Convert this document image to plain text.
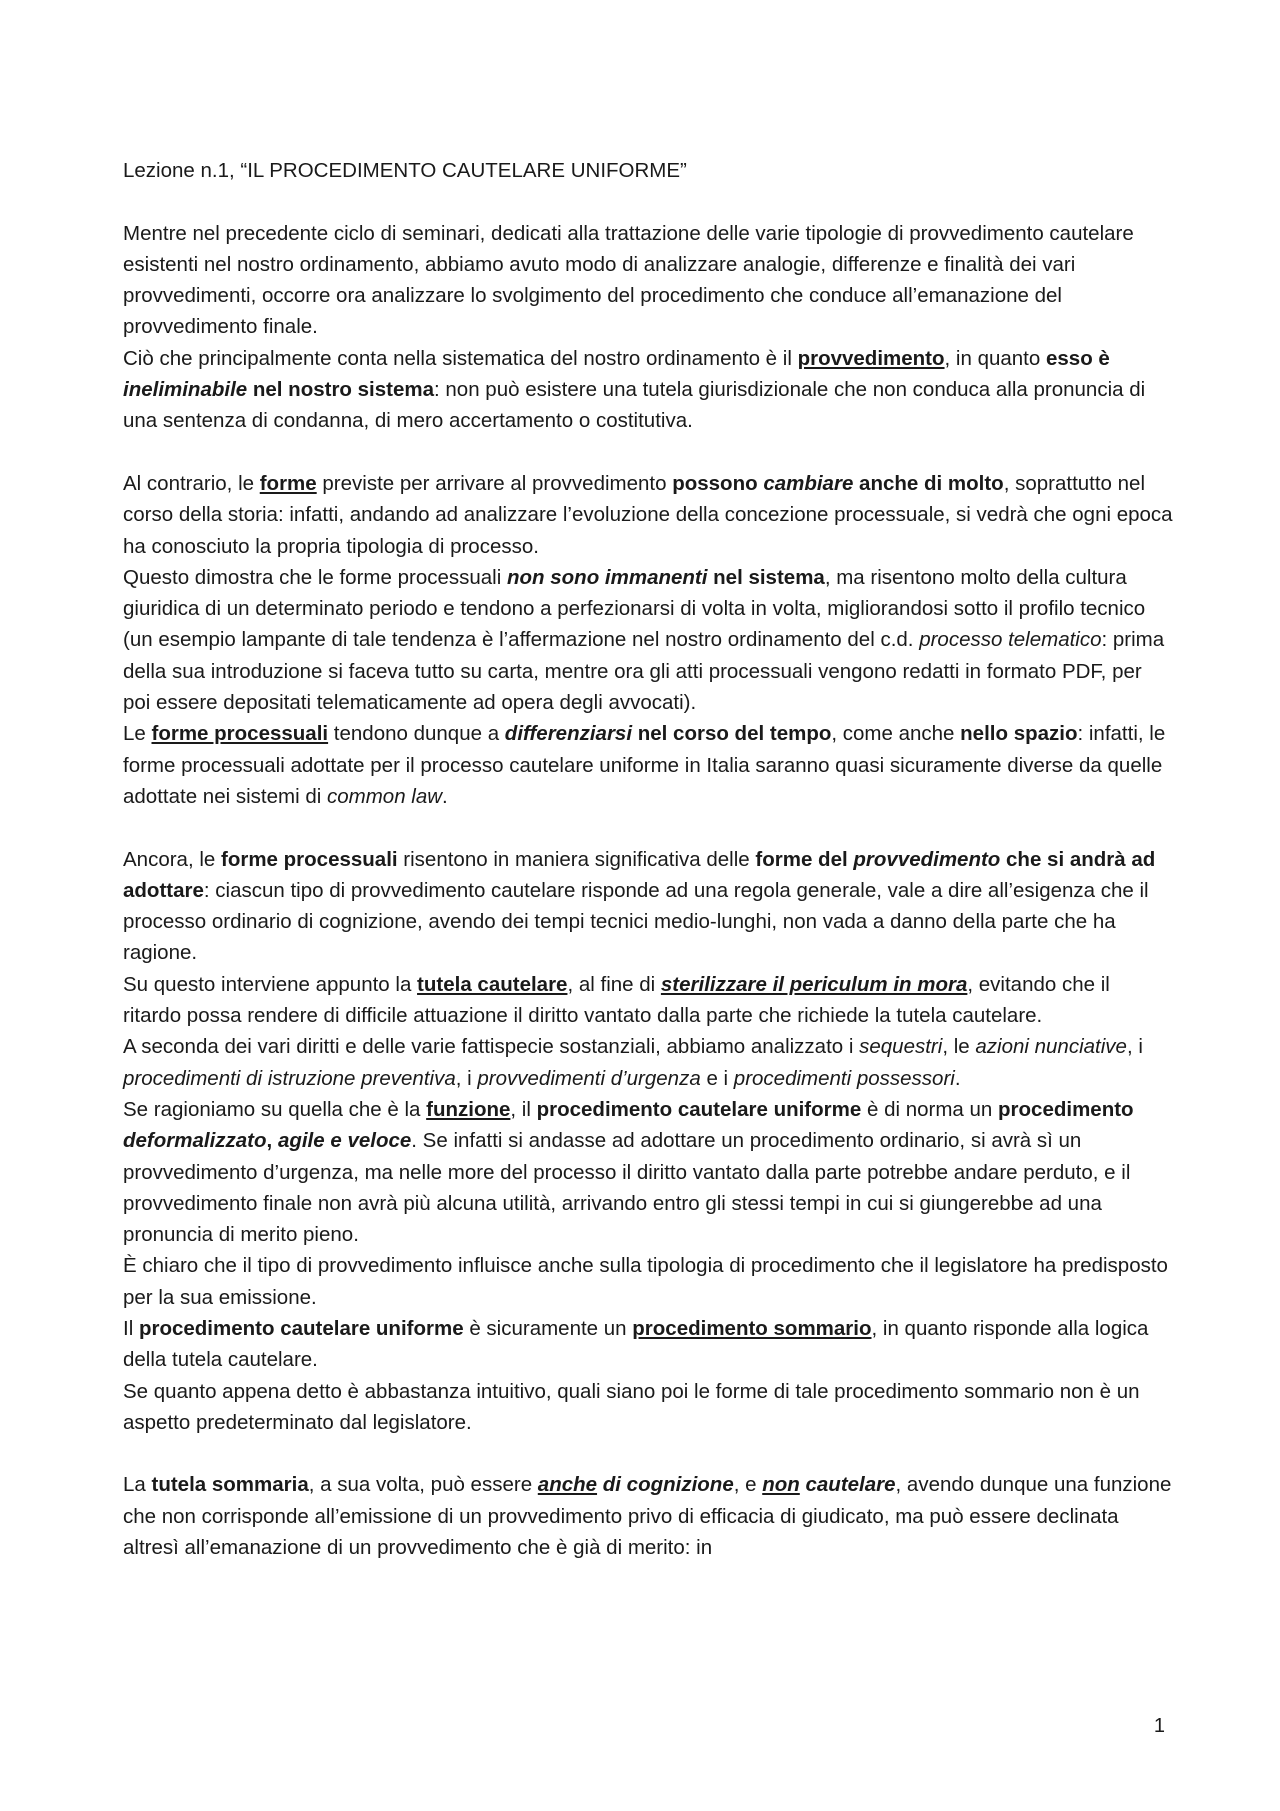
Lezione n.1, “IL PROCEDIMENTO CAUTELARE UNIFORME”

Mentre nel precedente ciclo di seminari, dedicati alla trattazione delle varie tipologie di provvedimento cautelare esistenti nel nostro ordinamento, abbiamo avuto modo di analizzare analogie, differenze e finalità dei vari provvedimenti, occorre ora analizzare lo svolgimento del procedimento che conduce all’emanazione del provvedimento finale.

Ciò che principalmente conta nella sistematica del nostro ordinamento è il provvedimento, in quanto esso è ineliminabile nel nostro sistema: non può esistere una tutela giurisdizionale che non conduca alla pronuncia di una sentenza di condanna, di mero accertamento o costitutiva.

Al contrario, le forme previste per arrivare al provvedimento possono cambiare anche di molto, soprattutto nel corso della storia: infatti, andando ad analizzare l’evoluzione della concezione processuale, si vedrà che ogni epoca ha conosciuto la propria tipologia di processo.

Questo dimostra che le forme processuali non sono immanenti nel sistema, ma risentono molto della cultura giuridica di un determinato periodo e tendono a perfezionarsi di volta in volta, migliorandosi sotto il profilo tecnico (un esempio lampante di tale tendenza è l’affermazione nel nostro ordinamento del c.d. processo telematico: prima della sua introduzione si faceva tutto su carta, mentre ora gli atti processuali vengono redatti in formato PDF, per poi essere depositati telematicamente ad opera degli avvocati).

Le forme processuali tendono dunque a differenziarsi nel corso del tempo, come anche nello spazio: infatti, le forme processuali adottate per il processo cautelare uniforme in Italia saranno quasi sicuramente diverse da quelle adottate nei sistemi di common law.

Ancora, le forme processuali risentono in maniera significativa delle forme del provvedimento che si andrà ad adottare: ciascun tipo di provvedimento cautelare risponde ad una regola generale, vale a dire all’esigenza che il processo ordinario di cognizione, avendo dei tempi tecnici medio-lunghi, non vada a danno della parte che ha ragione.

Su questo interviene appunto la tutela cautelare, al fine di sterilizzare il periculum in mora, evitando che il ritardo possa rendere di difficile attuazione il diritto vantato dalla parte che richiede la tutela cautelare.

A seconda dei vari diritti e delle varie fattispecie sostanziali, abbiamo analizzato i sequestri, le azioni nunciative, i procedimenti di istruzione preventiva, i provvedimenti d’urgenza e i procedimenti possessori.

Se ragioniamo su quella che è la funzione, il procedimento cautelare uniforme è di norma un procedimento deformalizzato, agile e veloce. Se infatti si andasse ad adottare un procedimento ordinario, si avrà sì un provvedimento d’urgenza, ma nelle more del processo il diritto vantato dalla parte potrebbe andare perduto, e il provvedimento finale non avrà più alcuna utilità, arrivando entro gli stessi tempi in cui si giungerebbe ad una pronuncia di merito pieno.

È chiaro che il tipo di provvedimento influisce anche sulla tipologia di procedimento che il legislatore ha predisposto per la sua emissione.

Il procedimento cautelare uniforme è sicuramente un procedimento sommario, in quanto risponde alla logica della tutela cautelare.

Se quanto appena detto è abbastanza intuitivo, quali siano poi le forme di tale procedimento sommario non è un aspetto predeterminato dal legislatore.

La tutela sommaria, a sua volta, può essere anche di cognizione, e non cautelare, avendo dunque una funzione che non corrisponde all’emissione di un provvedimento privo di efficacia di giudicato, ma può essere declinata altresì all’emanazione di un provvedimento che è già di merito: in

1
